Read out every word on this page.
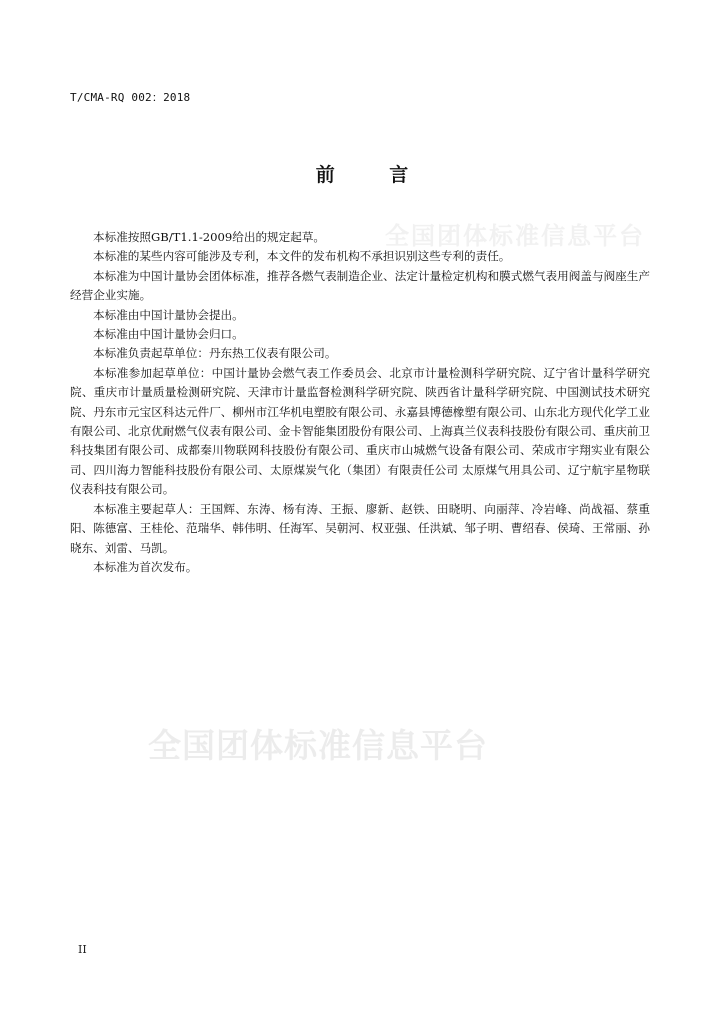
T/CMA-RQ 002：2018
全国团体标准信息平台
前 言

本标准按照GB/T1.1-2009给出的规定起草。

本标准的某些内容可能涉及专利，本文件的发布机构不承担识别这些专利的责任。

本标准为中国计量协会团体标准，推荐各燃气表制造企业、法定计量检定机构和膜式燃气表用阀盖与阀座生产经营企业实施。

本标准由中国计量协会提出。

本标准由中国计量协会归口。

本标准负责起草单位：丹东热工仪表有限公司。

本标准参加起草单位：中国计量协会燃气表工作委员会、北京市计量检测科学研究院、辽宁省计量科学研究院、重庆市计量质量检测研究院、天津市计量监督检测科学研究院、陕西省计量科学研究院、中国测试技术研究院、丹东市元宝区科达元件厂、柳州市江华机电塑胶有限公司、永嘉县博德橡塑有限公司、山东北方现代化学工业有限公司、北京优耐燃气仪表有限公司、金卡智能集团股份有限公司、上海真兰仪表科技股份有限公司、重庆前卫科技集团有限公司、成都秦川物联网科技股份有限公司、重庆市山城燃气设备有限公司、荣成市宇翔实业有限公司、四川海力智能科技股份有限公司、太原煤炭气化（集团）有限责任公司 太原煤气用具公司、辽宁航宇星物联仪表科技有限公司。

本标准主要起草人：王国辉、东涛、杨有涛、王振、廖新、赵铁、田晓明、向丽萍、冷岩峰、尚战福、蔡重阳、陈德富、王桂伦、范瑞华、韩伟明、任海军、吴朝河、权亚强、任洪斌、邹子明、曹绍春、侯琦、王常丽、孙晓东、刘雷、马凯。

本标准为首次发布。

全国团体标准信息平台
II
